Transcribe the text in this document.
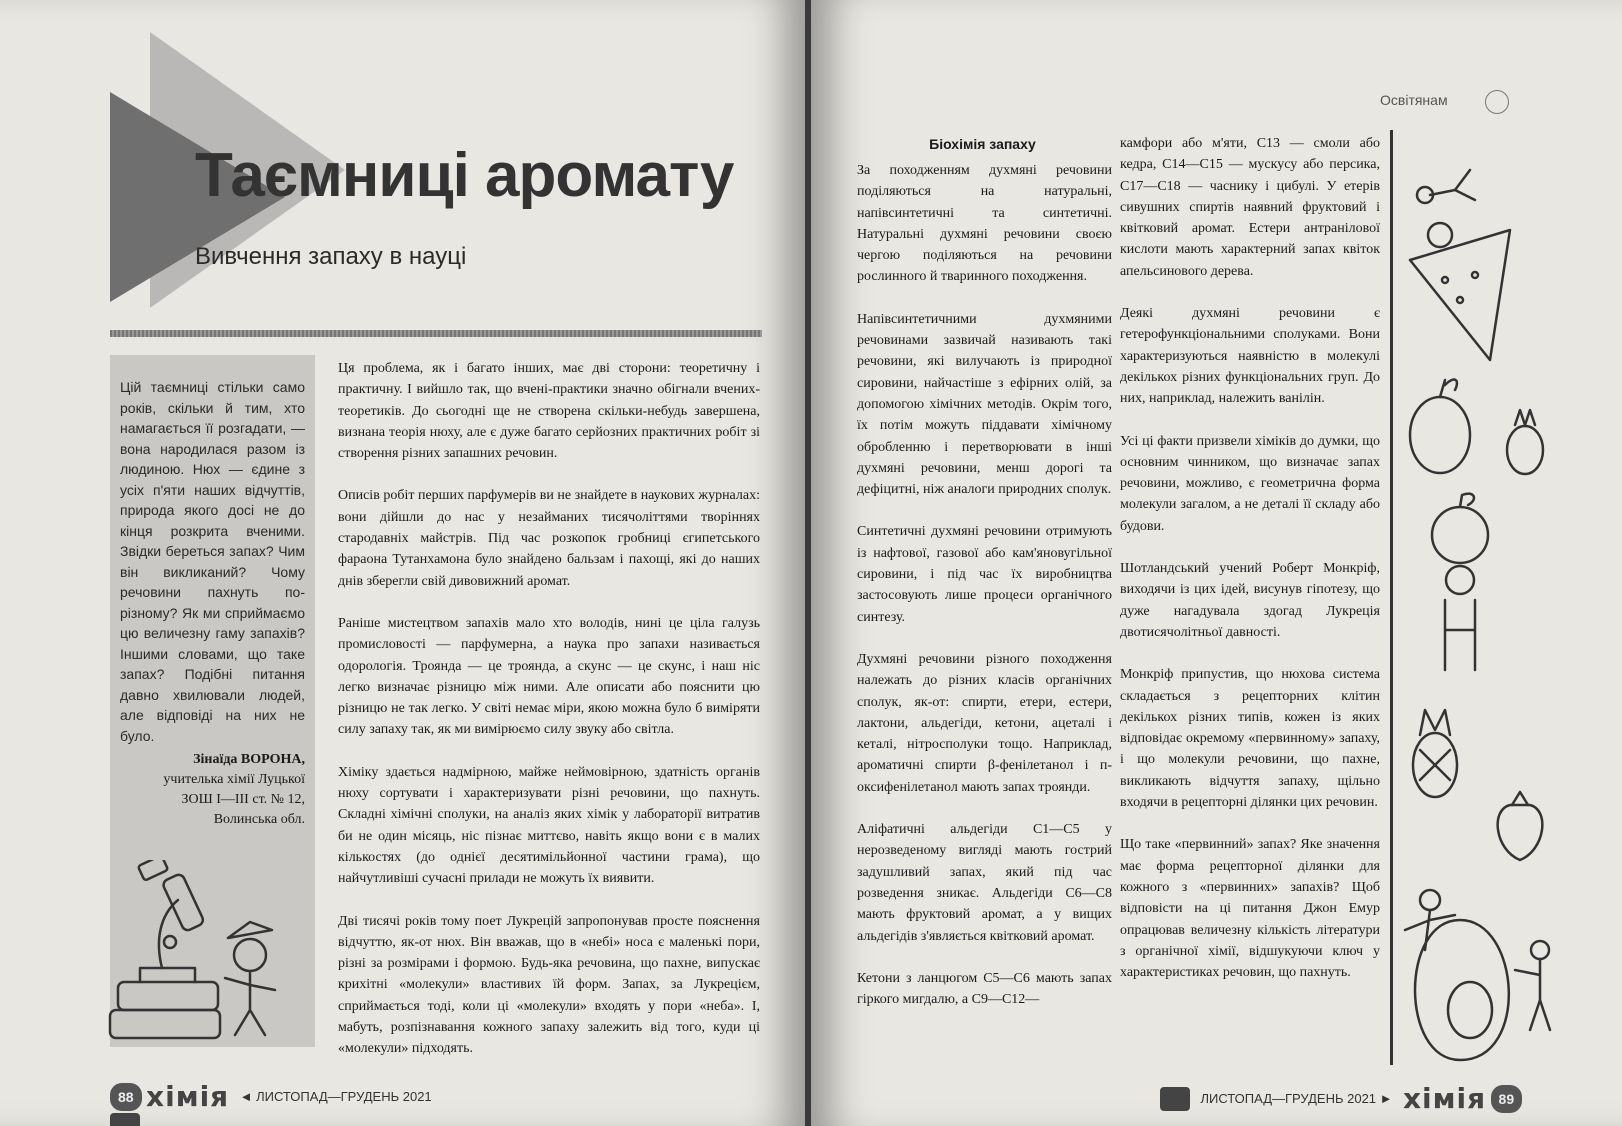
Таємниці аромату
Вивчення запаху в науці
Цій таємниці стільки само років, скільки й тим, хто намагається її розгадати, — вона народилася разом із людиною. Нюх — єдине з усіх п'яти наших відчуттів, природа якого досі не до кінця розкрита вченими. Звідки береться запах? Чим він викликаний? Чому речовини пахнуть по-різному? Як ми сприймаємо цю величезну гаму запахів? Іншими словами, що таке запах? Подібні питання давно хвилювали людей, але відповіді на них не було.
Зінаїда ВОРОНА,
учителька хімії Луцької
ЗОШ І—ІІІ ст. № 12,
Волинська обл.

Ця проблема, як і багато інших, має дві сторони: теоретичну і практичну. І вийшло так, що вчені-практики значно обігнали вчених-теоретиків. До сьогодні ще не створена скільки-небудь завершена, визнана теорія нюху, але є дуже багато серйозних практичних робіт зі створення різних запашних речовин.

Описів робіт перших парфумерів ви не знайдете в наукових журналах: вони дійшли до нас у незайманих тисячоліттями творіннях стародавніх майстрів. Під час розкопок гробниці єгипетського фараона Тутанхамона було знайдено бальзам і пахощі, які до наших днів зберегли свій дивовижний аромат.

Раніше мистецтвом запахів мало хто володів, нині це ціла галузь промисловості — парфумерна, а наука про запахи називається одорологія. Троянда — це троянда, а скунс — це скунс, і наш ніс легко визначає різницю між ними. Але описати або пояснити цю різницю не так легко. У світі немає міри, якою можна було б виміряти силу запаху так, як ми вимірюємо силу звуку або світла.

Хіміку здається надмірною, майже неймовірною, здатність органів нюху сортувати і характеризувати різні речовини, що пахнуть. Складні хімічні сполуки, на аналіз яких хімік у лабораторії витратив би не один місяць, ніс пізнає миттєво, навіть якщо вони є в малих кількостях (до однієї десятимільйонної частини грама), що найчутливіші сучасні прилади не можуть їх виявити.

Дві тисячі років тому поет Лукрецій запропонував просте пояснення відчуттю, як-от нюх. Він вважав, що в «небі» носа є маленькі пори, різні за розмірами і формою. Будь-яка речовина, що пахне, випускає крихітні «молекули» властивих їй форм. Запах, за Лукрецієм, сприймається тоді, коли ці «молекули» входять у пори «неба». І, мабуть, розпізнавання кожного запаху залежить від того, куди ці «молекули» підходять.

88 хімія ◄ ЛИСТОПАД—ГРУДЕНЬ 2021
Освітянам
Біохімія запаху

За походженням духмяні речовини поділяються на натуральні, напівсинтетичні та синтетичні. Натуральні духмяні речовини своєю чергою поділяються на речовини рослинного й тваринного походження.

Напівсинтетичними духмяними речовинами зазвичай називають такі речовини, які вилучають із природної сировини, найчастіше з ефірних олій, за допомогою хімічних методів. Окрім того, їх потім можуть піддавати хімічному обробленню і перетворювати в інші духмяні речовини, менш дорогі та дефіцитні, ніж аналоги природних сполук.

Синтетичні духмяні речовини отримують із нафтової, газової або кам'яновугільної сировини, і під час їх виробництва застосовують лише процеси органічного синтезу.

Духмяні речовини різного походження належать до різних класів органічних сполук, як-от: спирти, етери, естери, лактони, альдегіди, кетони, ацеталі і кеталі, нітросполуки тощо. Наприклад, ароматичні спирти β-фенілетанол і п-оксифенілетанол мають запах троянди.

Аліфатичні альдегіди C1—C5 у нерозведеному вигляді мають гострий задушливий запах, який під час розведення зникає. Альдегіди C6—C8 мають фруктовий аромат, а у вищих альдегідів з'являється квітковий аромат.

Кетони з ланцюгом C5—C6 мають запах гіркого мигдалю, а C9—C12—

камфори або м'яти, C13 — смоли або кедра, C14—C15 — мускусу або персика, C17—C18 — часнику і цибулі. У етерів сивушних спиртів наявний фруктовий і квітковий аромат. Естери антранілової кислоти мають характерний запах квіток апельсинового дерева.

Деякі духмяні речовини є гетерофункціональними сполуками. Вони характеризуються наявністю в молекулі декількох різних функціональних груп. До них, наприклад, належить ванілін.

Усі ці факти призвели хіміків до думки, що основним чинником, що визначає запах речовини, можливо, є геометрична форма молекули загалом, а не деталі її складу або будови.

Шотландський учений Роберт Монкріф, виходячи із цих ідей, висунув гіпотезу, що дуже нагадувала здогад Лукреція двотисячолітньої давності.

Монкріф припустив, що нюхова система складається з рецепторних клітин декількох різних типів, кожен із яких відповідає окремому «первинному» запаху, і що молекули речовини, що пахне, викликають відчуття запаху, щільно входячи в рецепторні ділянки цих речовин.

Що таке «первинний» запах? Яке значення має форма рецепторної ділянки для кожного з «первинних» запахів? Щоб відповісти на ці питання Джон Емур опрацював величезну кількість літератури з органічної хімії, відшукуючи ключ у характеристиках речовин, що пахнуть.

ЛИСТОПАД—ГРУДЕНЬ 2021 ► хімія 89
